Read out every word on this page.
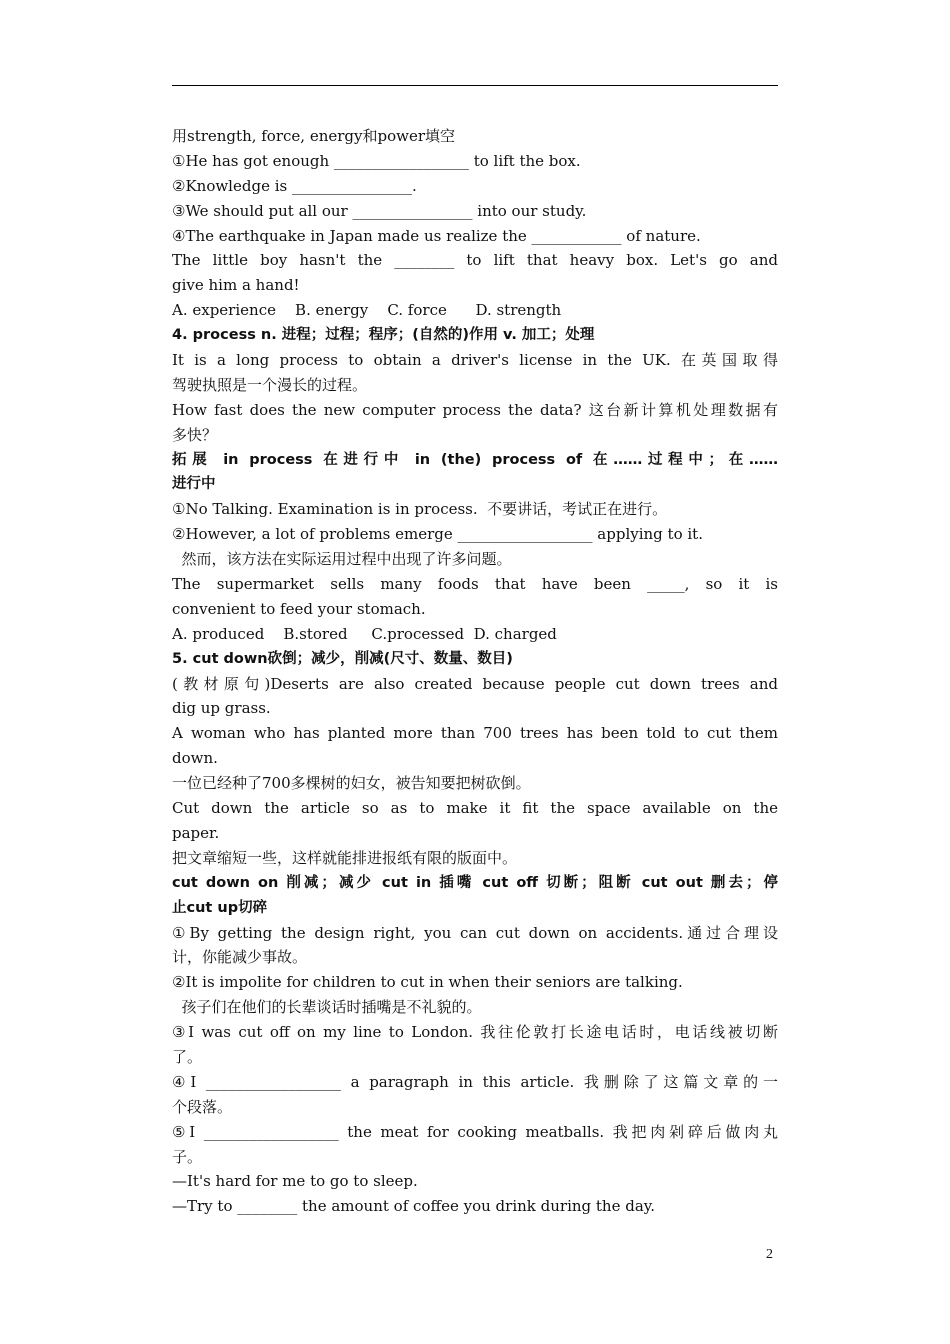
用strength, force, energy和power填空
①He has got enough __________________ to lift the box.
②Knowledge is ________________.
③We should put all our ________________ into our study.
④The earthquake in Japan made us realize the ____________ of nature.
The little boy hasn't the ________ to lift that heavy box. Let's go and
give him a hand!
A. experience    B. energy    C. force      D. strength
4. process n. 进程；过程；程序；(自然的)作用 v. 加工；处理
It is a long process to obtain a driver's license in the UK. 在英国取得
驾驶执照是一个漫长的过程。
How fast does the new computer process the data? 这台新计算机处理数据有
多快？
拓展 in process 在进行中 in (the) process of 在……过程中；在……
进行中
①No Talking. Examination is in process.  不要讲话，考试正在进行。
②However, a lot of problems emerge __________________ applying to it.
然而，该方法在实际运用过程中出现了许多问题。
The supermarket sells many foods that have been _____, so it is
convenient to feed your stomach.
A. produced    B.stored     C.processed  D. charged
5. cut down砍倒；减少，削减(尺寸、数量、数目)
(教材原句)Deserts are also created because people cut down trees and
dig up grass.
A woman who has planted more than 700 trees has been told to cut them
down.
一位已经种了700多棵树的妇女，被告知要把树砍倒。
Cut down the article so as to make it fit the space available on the
paper.
把文章缩短一些，这样就能排进报纸有限的版面中。
cut down on 削减；减少 cut in 插嘴 cut off 切断；阻断 cut out 删去；停
止cut up切碎
①By getting the design right, you can cut down on accidents.通过合理设
计，你能减少事故。
②It is impolite for children to cut in when their seniors are talking.
孩子们在他们的长辈谈话时插嘴是不礼貌的。
③I was cut off on my line to London. 我往伦敦打长途电话时，电话线被切断
了。
④I __________________ a paragraph in this article. 我删除了这篇文章的一
个段落。
⑤I __________________ the meat for cooking meatballs. 我把肉剁碎后做肉丸
子。
—It's hard for me to go to sleep.
—Try to ________ the amount of coffee you drink during the day.
2
